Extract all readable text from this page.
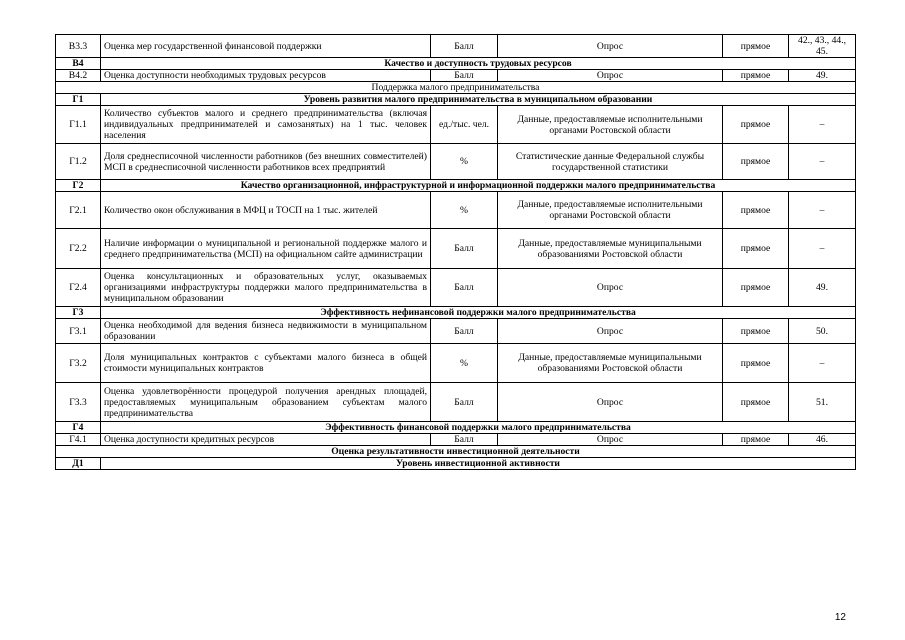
В3.3	Оценка мер государственной финансовой поддержки	Балл	Опрос	прямое	42., 43., 44., 45.
В4	Качество и доступность трудовых ресурсов				
В4.2	Оценка доступности необходимых трудовых ресурсов	Балл	Опрос	прямое	49.
Поддержка малого предпринимательства					
Г1	Уровень развития малого предпринимательства в муниципальном образовании				
Г1.1	Количество субъектов малого и среднего предпринимательства (включая индивидуальных предпринимателей и самозанятых) на 1 тыс. человек населения	ед./тыс. чел.	Данные, предоставляемые исполнительными органами Ростовской области	прямое	–
Г1.2	Доля среднесписочной численности работников (без внешних совместителей) МСП в среднесписочной численности работников всех предприятий	%	Статистические данные Федеральной службы государственной статистики	прямое	–
Г2	Качество организационной, инфраструктурной и информационной поддержки малого предпринимательства				
Г2.1	Количество окон обслуживания в МФЦ и ТОСП на 1 тыс. жителей	%	Данные, предоставляемые исполнительными органами Ростовской области	прямое	–
Г2.2	Наличие информации о муниципальной и региональной поддержке малого и среднего предпринимательства (МСП) на официальном сайте администрации	Балл	Данные, предоставляемые муниципальными образованиями Ростовской области	прямое	–
Г2.4	Оценка консультационных и образовательных услуг, оказываемых организациями инфраструктуры поддержки малого предпринимательства в муниципальном образовании	Балл	Опрос	прямое	49.
Г3	Эффективность нефинансовой поддержки малого предпринимательства				
Г3.1	Оценка необходимой для ведения бизнеса недвижимости в муниципальном образовании	Балл	Опрос	прямое	50.
Г3.2	Доля муниципальных контрактов с субъектами малого бизнеса в общей стоимости муниципальных контрактов	%	Данные, предоставляемые муниципальными образованиями Ростовской области	прямое	–
Г3.3	Оценка удовлетворённости процедурой получения арендных площадей, предоставляемых муниципальным образованием субъектам малого предпринимательства	Балл	Опрос	прямое	51.
Г4	Эффективность финансовой поддержки малого предпринимательства				
Г4.1	Оценка доступности кредитных ресурсов	Балл	Опрос	прямое	46.
Оценка результативности инвестиционной деятельности					
Д1	Уровень инвестиционной активности				
12
